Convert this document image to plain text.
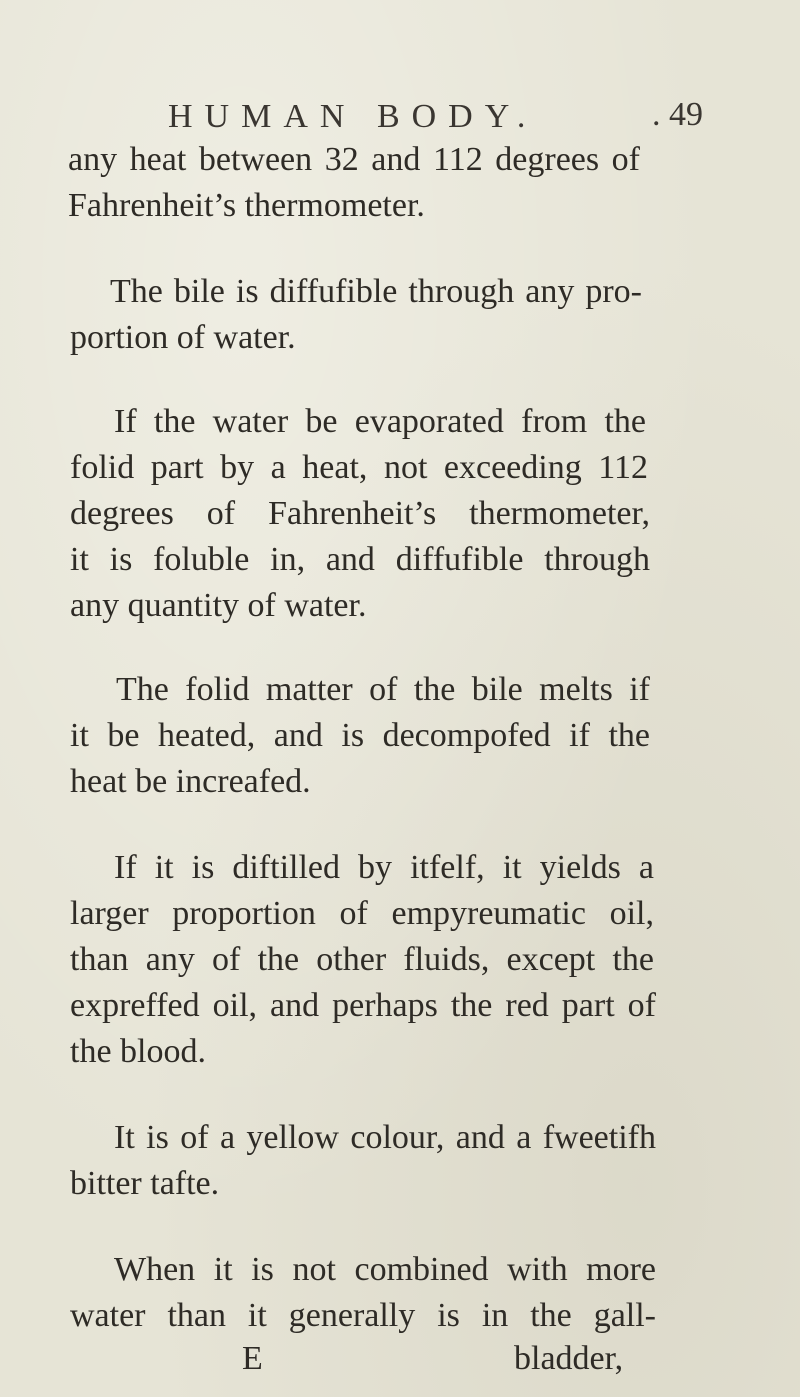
HUMAN BODY.	. 49
any heat between 32 and 112 degrees of
Fahrenheit’s thermometer.
The bile is diffufible through any pro-
portion of water.
If the water be evaporated from the
folid part by a heat, not exceeding 112
degrees of Fahrenheit’s thermometer,
it is foluble in, and diffufible through
any quantity of water.
The folid matter of the bile melts if
it be heated, and is decompofed if the
heat be increafed.
If it is diftilled by itfelf, it yields a
larger proportion of empyreumatic oil,
than any of the other fluids, except the
expreffed oil, and perhaps the red part of
the blood.
It is of a yellow colour, and a fweetifh
bitter tafte.
When it is not combined with more
water than it generally is in the gall-
E	bladder,
